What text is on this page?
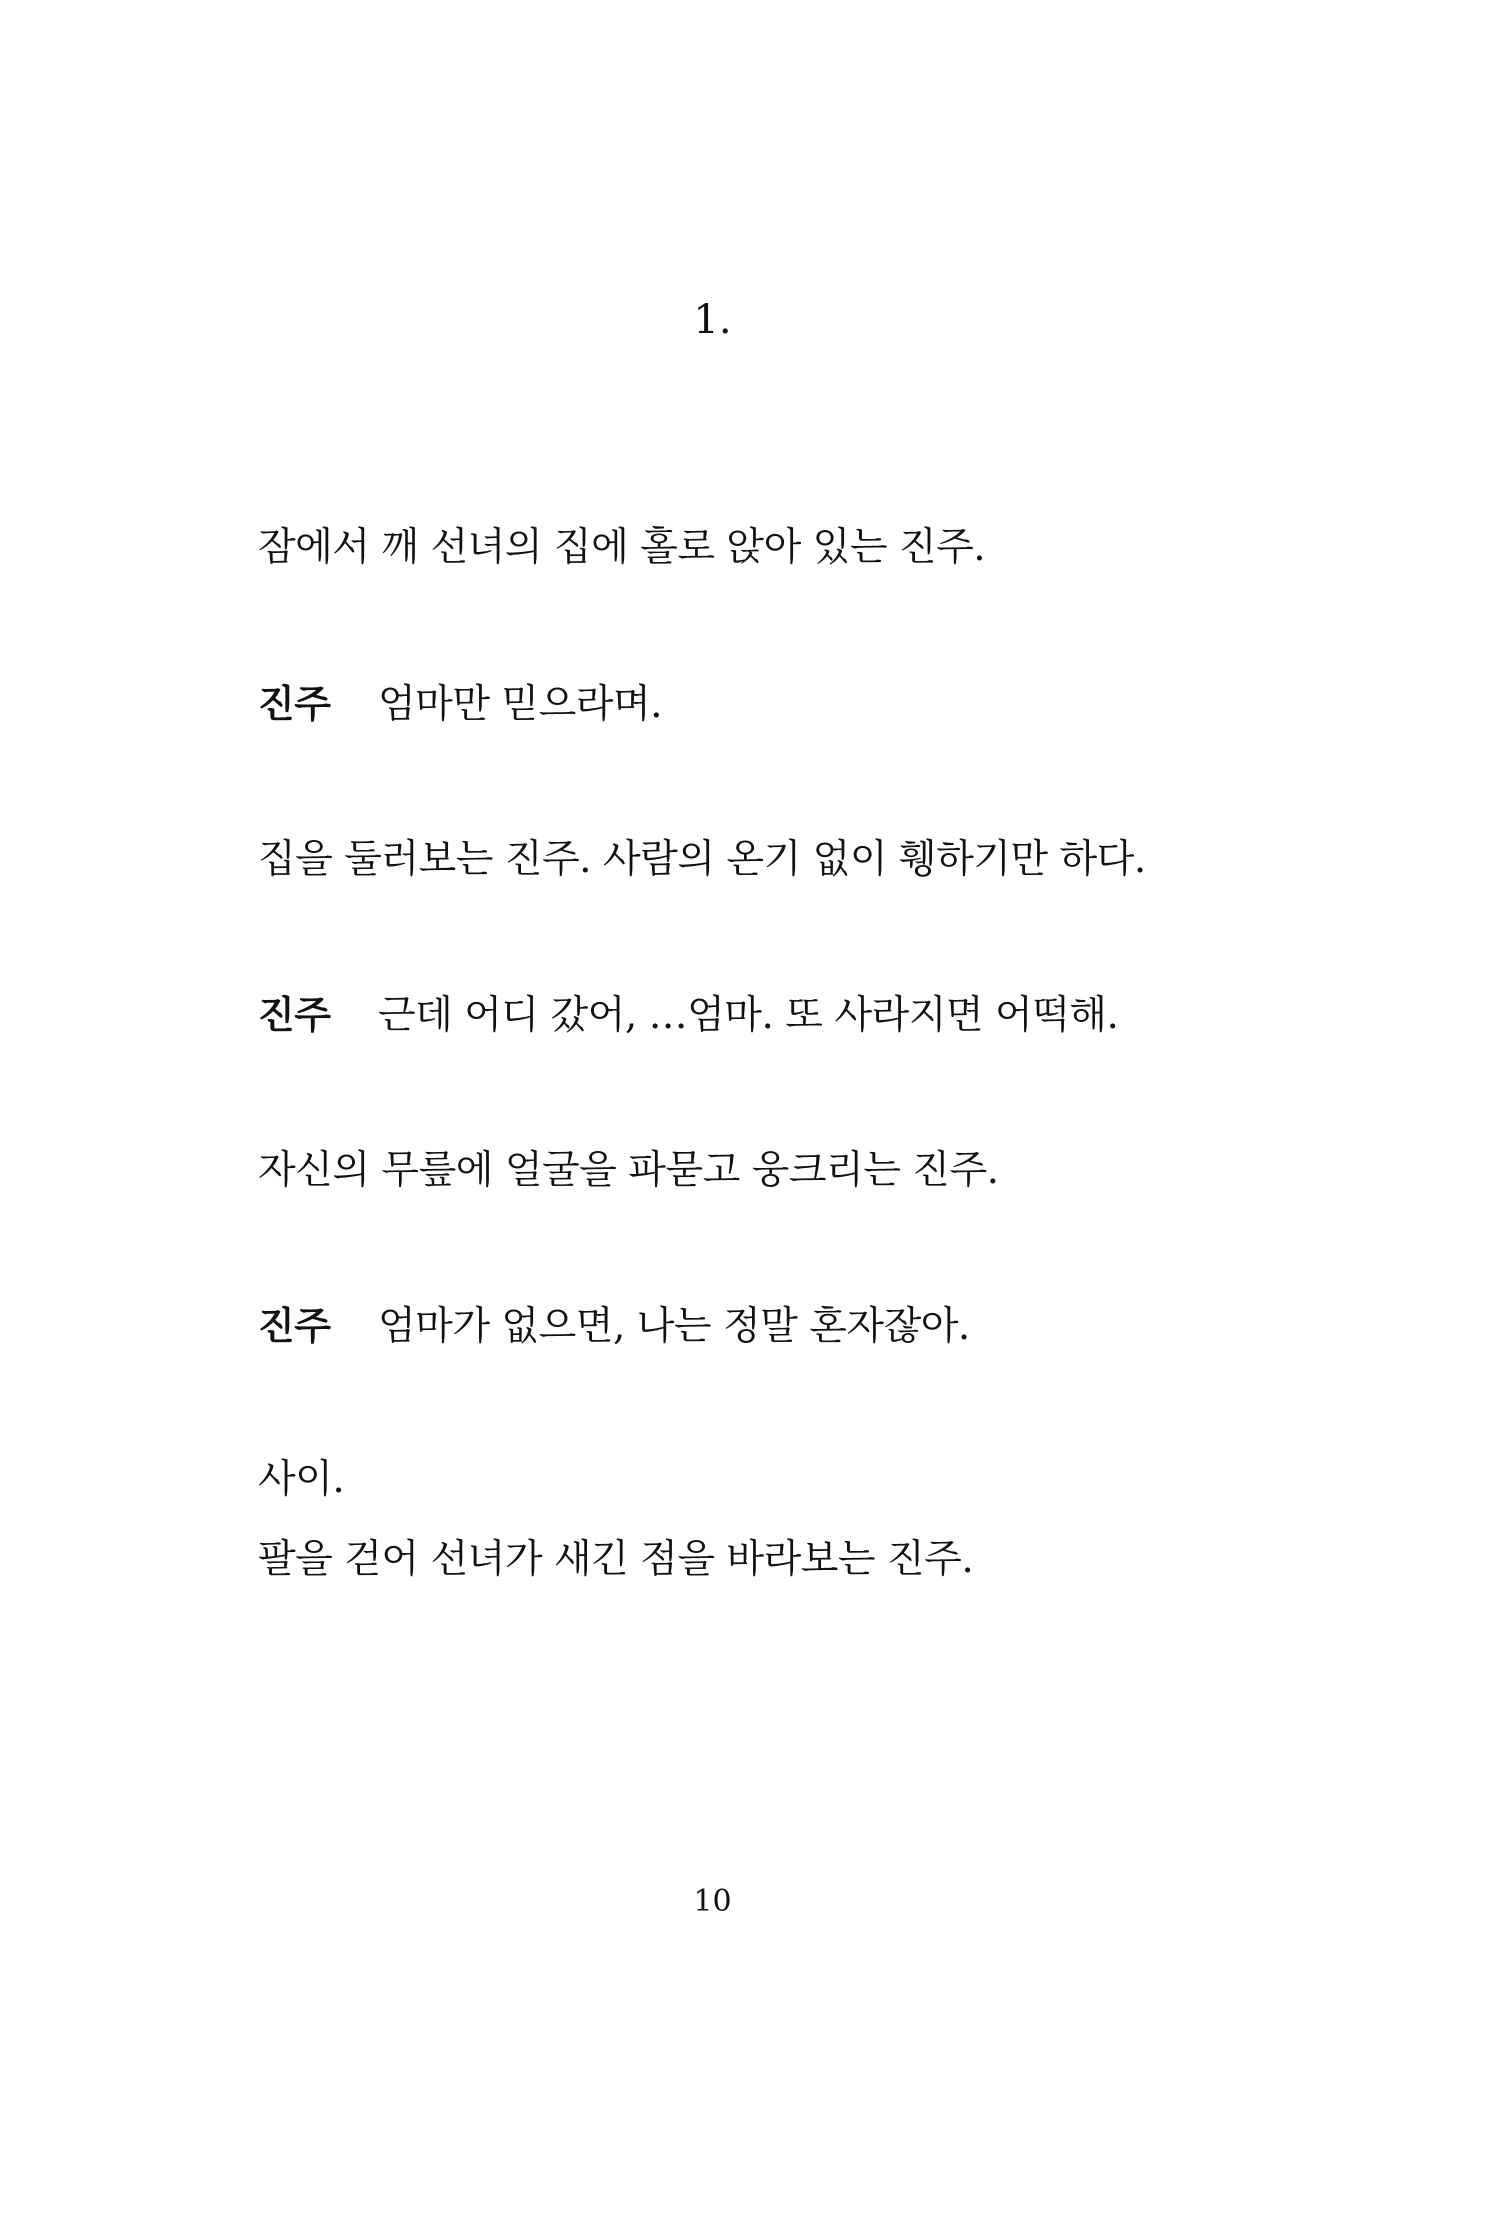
1.
잠에서 깨 선녀의 집에 홀로 앉아 있는 진주.
진주 엄마만 믿으라며.
집을 둘러보는 진주. 사람의 온기 없이 휑하기만 하다.
진주 근데 어디 갔어, …엄마. 또 사라지면 어떡해.
자신의 무릎에 얼굴을 파묻고 웅크리는 진주.
진주 엄마가 없으면, 나는 정말 혼자잖아.
사이.
팔을 걷어 선녀가 새긴 점을 바라보는 진주.
10
